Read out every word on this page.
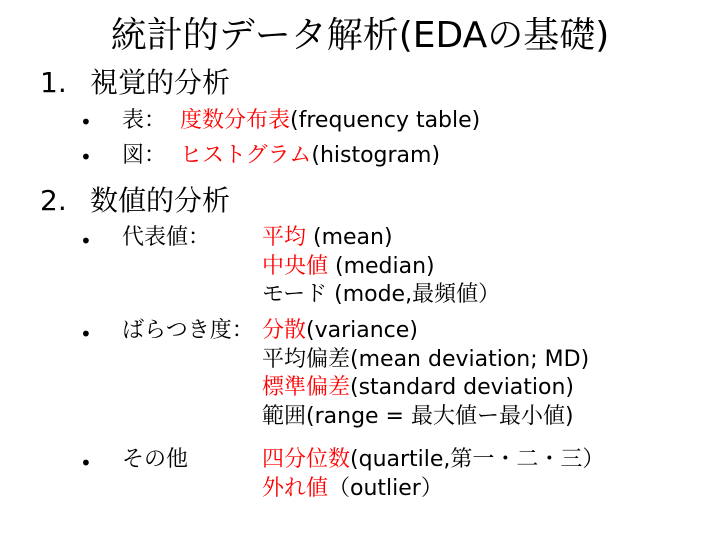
統計的データ解析(EDAの基礎)
1. 視覚的分析
• 表： 度数分布表(frequency table)
• 図： ヒストグラム(histogram)
2. 数値的分析
• 代表値： 平均 (mean)
中央値 (median)
モード (mode,最頻値）
• ばらつき度： 分散(variance)
平均偏差(mean deviation; MD)
標準偏差(standard deviation)
範囲(range = 最大値ー最小値)
• その他	四分位数(quartile,第一・二・三）
外れ値（outlier）
